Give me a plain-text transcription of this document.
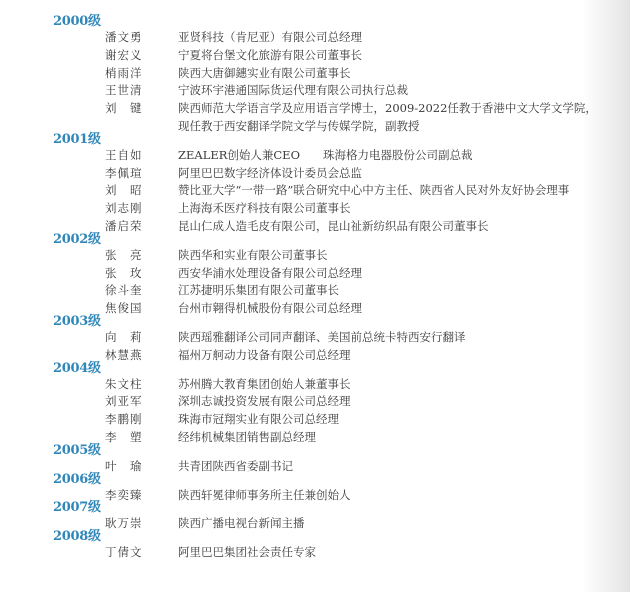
2000级
潘文勇	亚贤科技（肯尼亚）有限公司总经理
谢宏义	宁夏将台堡文化旅游有限公司董事长
梢雨洋	陕西大唐御鏸实业有限公司董事长
王世清	宁波环宇港通国际货运代理有限公司执行总裁
刘　键	陕西师范大学语言学及应用语言学博士，2009-2022任教于香港中文大学文学院，
现任教于西安翻译学院文学与传媒学院，副教授
2001级
王自如	ZEALER创始人兼CEO　　珠海格力电器股份公司副总裁
李佩瑄	阿里巴巴数字经济体设计委员会总监
刘　昭	赞比亚大学“一带一路”联合研究中心中方主任、陕西省人民对外友好协会理事
刘志刚	上海海禾医疗科技有限公司董事长
潘启荣	昆山仁成人造毛皮有限公司，昆山祉新纺织品有限公司董事长
2002级
张　亮	陕西华和实业有限公司董事长
张　玫	西安华浦水处理设备有限公司总经理
徐斗奎	江苏捷明乐集团有限公司董事长
焦俊国	台州市翱得机械股份有限公司总经理
2003级
向　莉	陕西瑶雅翻译公司同声翻译、美国前总统卡特西安行翻译
林慧燕	福州万舸动力设备有限公司总经理
2004级
朱文柱	苏州腾大教育集团创始人兼董事长
刘亚军	深圳志诚投资发展有限公司总经理
李鹏刚	珠海市冠翔实业有限公司总经理
李　塑	经纬机械集团销售副总经理
2005级
叶　瑜	共青团陕西省委副书记
2006级
李奕臻	陕西轩冕律师事务所主任兼创始人
2007级
耿万崇	陕西广播电视台新闻主播
2008级
丁倩文	阿里巴巴集团社会责任专家
